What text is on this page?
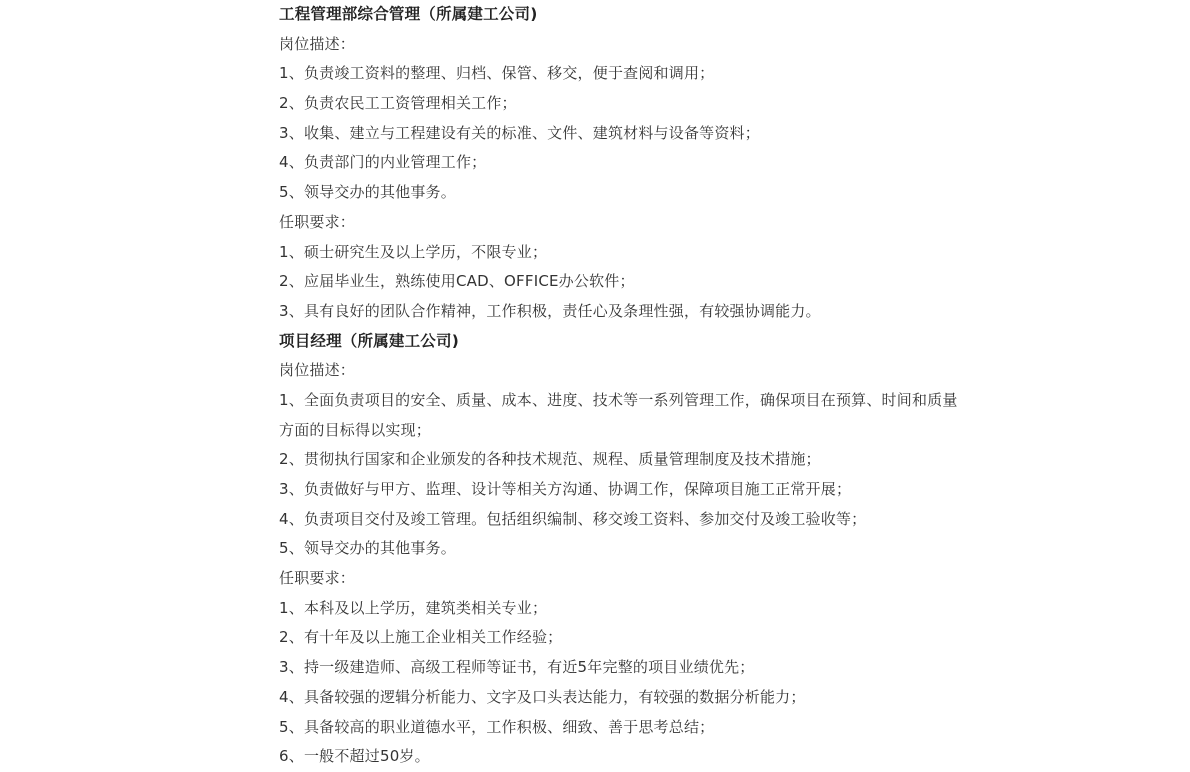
工程管理部综合管理（所属建工公司)
岗位描述：
1、负责竣工资料的整理、归档、保管、移交，便于查阅和调用；
2、负责农民工工资管理相关工作；
3、收集、建立与工程建设有关的标准、文件、建筑材料与设备等资料；
4、负责部门的内业管理工作；
5、领导交办的其他事务。
任职要求：
1、硕士研究生及以上学历，不限专业；
2、应届毕业生，熟练使用CAD、OFFICE办公软件；
3、具有良好的团队合作精神，工作积极，责任心及条理性强，有较强协调能力。
项目经理（所属建工公司)
岗位描述：
1、全面负责项目的安全、质量、成本、进度、技术等一系列管理工作，确保项目在预算、时间和质量方面的目标得以实现；
2、贯彻执行国家和企业颁发的各种技术规范、规程、质量管理制度及技术措施；
3、负责做好与甲方、监理、设计等相关方沟通、协调工作，保障项目施工正常开展；
4、负责项目交付及竣工管理。包括组织编制、移交竣工资料、参加交付及竣工验收等；
5、领导交办的其他事务。
任职要求：
1、本科及以上学历，建筑类相关专业；
2、有十年及以上施工企业相关工作经验；
3、持一级建造师、高级工程师等证书，有近5年完整的项目业绩优先；
4、具备较强的逻辑分析能力、文字及口头表达能力，有较强的数据分析能力；
5、具备较高的职业道德水平，工作积极、细致、善于思考总结；
6、一般不超过50岁。
